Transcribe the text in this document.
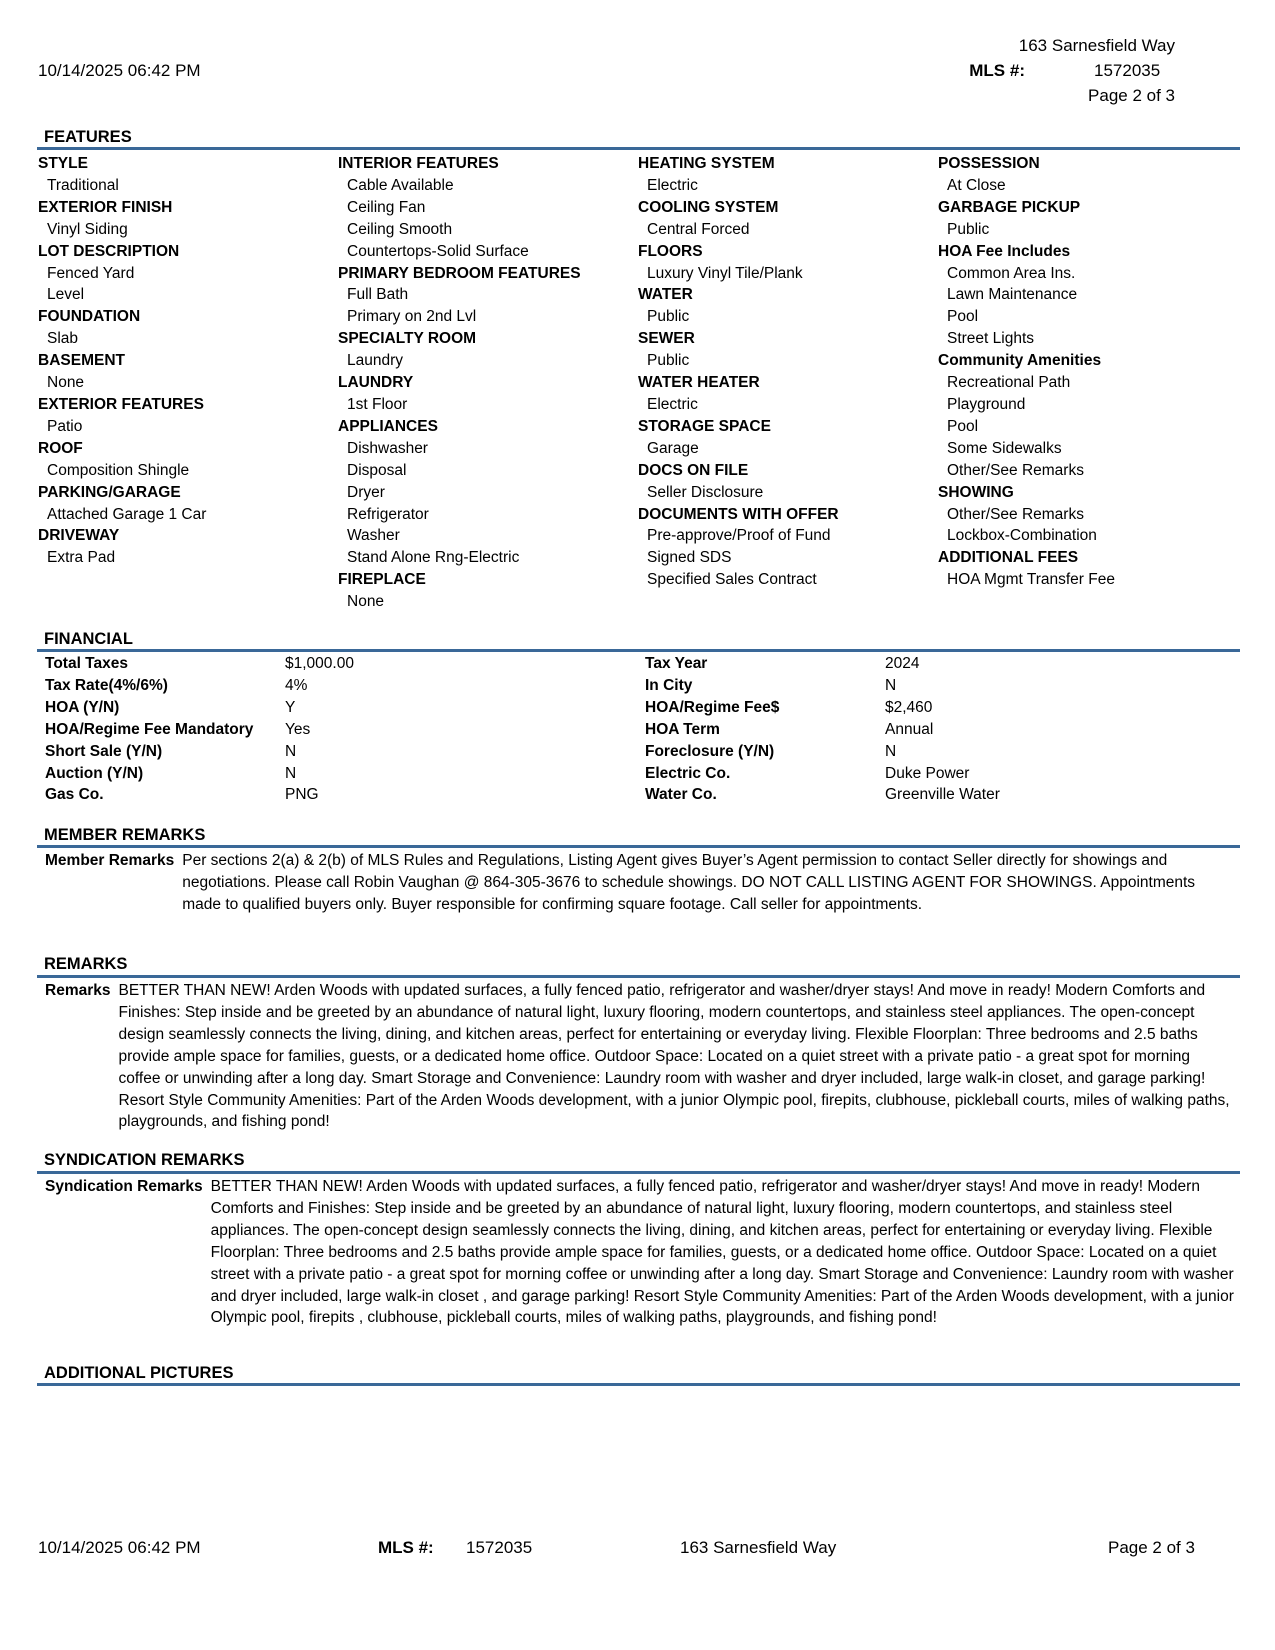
163 Sarnesfield Way
10/14/2025 06:42 PM	MLS #:	1572035
Page 2 of 3
FEATURES
STYLE
Traditional
EXTERIOR FINISH
Vinyl Siding
LOT DESCRIPTION
Fenced Yard
Level
FOUNDATION
Slab
BASEMENT
None
EXTERIOR FEATURES
Patio
ROOF
Composition Shingle
PARKING/GARAGE
Attached Garage 1 Car
DRIVEWAY
Extra Pad
INTERIOR FEATURES
Cable Available
Ceiling Fan
Ceiling Smooth
Countertops-Solid Surface
PRIMARY BEDROOM FEATURES
Full Bath
Primary on 2nd Lvl
SPECIALTY ROOM
Laundry
LAUNDRY
1st Floor
APPLIANCES
Dishwasher
Disposal
Dryer
Refrigerator
Washer
Stand Alone Rng-Electric
FIREPLACE
None
HEATING SYSTEM
Electric
COOLING SYSTEM
Central Forced
FLOORS
Luxury Vinyl Tile/Plank
WATER
Public
SEWER
Public
WATER HEATER
Electric
STORAGE SPACE
Garage
DOCS ON FILE
Seller Disclosure
DOCUMENTS WITH OFFER
Pre-approve/Proof of Fund
Signed SDS
Specified Sales Contract
POSSESSION
At Close
GARBAGE PICKUP
Public
HOA Fee Includes
Common Area Ins.
Lawn Maintenance
Pool
Street Lights
Community Amenities
Recreational Path
Playground
Pool
Some Sidewalks
Other/See Remarks
SHOWING
Other/See Remarks
Lockbox-Combination
ADDITIONAL FEES
HOA Mgmt Transfer Fee
FINANCIAL
Total Taxes	$1,000.00
Tax Rate(4%/6%)	4%
HOA (Y/N)	Y
HOA/Regime Fee Mandatory	Yes
Short Sale (Y/N)	N
Auction (Y/N)	N
Gas Co.	PNG
Tax Year	2024
In City	N
HOA/Regime Fee$	$2,460
HOA Term	Annual
Foreclosure (Y/N)	N
Electric Co.	Duke Power
Water Co.	Greenville Water
MEMBER REMARKS
Member Remarks Per sections 2(a) & 2(b) of MLS Rules and Regulations, Listing Agent gives Buyer’s Agent permission to contact Seller directly for showings and negotiations. Please call Robin Vaughan @ 864-305-3676 to schedule showings. DO NOT CALL LISTING AGENT FOR SHOWINGS. Appointments made to qualified buyers only. Buyer responsible for confirming square footage. Call seller for appointments.
REMARKS
Remarks BETTER THAN NEW! Arden Woods with updated surfaces, a fully fenced patio, refrigerator and washer/dryer stays! And move in ready! Modern Comforts and Finishes: Step inside and be greeted by an abundance of natural light, luxury flooring, modern countertops, and stainless steel appliances. The open-concept design seamlessly connects the living, dining, and kitchen areas, perfect for entertaining or everyday living. Flexible Floorplan: Three bedrooms and 2.5 baths provide ample space for families, guests, or a dedicated home office. Outdoor Space: Located on a quiet street with a private patio - a great spot for morning coffee or unwinding after a long day. Smart Storage and Convenience: Laundry room with washer and dryer included, large walk-in closet, and garage parking! Resort Style Community Amenities: Part of the Arden Woods development, with a junior Olympic pool, firepits, clubhouse, pickleball courts, miles of walking paths, playgrounds, and fishing pond!
SYNDICATION REMARKS
Syndication Remarks BETTER THAN NEW! Arden Woods with updated surfaces, a fully fenced patio, refrigerator and washer/dryer stays! And move in ready! Modern Comforts and Finishes: Step inside and be greeted by an abundance of natural light, luxury flooring, modern countertops, and stainless steel appliances. The open-concept design seamlessly connects the living, dining, and kitchen areas, perfect for entertaining or everyday living. Flexible Floorplan: Three bedrooms and 2.5 baths provide ample space for families, guests, or a dedicated home office. Outdoor Space: Located on a quiet street with a private patio - a great spot for morning coffee or unwinding after a long day. Smart Storage and Convenience: Laundry room with washer and dryer included, large walk-in closet , and garage parking! Resort Style Community Amenities: Part of the Arden Woods development, with a junior Olympic pool, firepits , clubhouse, pickleball courts, miles of walking paths, playgrounds, and fishing pond!
ADDITIONAL PICTURES
10/14/2025 06:42 PM	MLS #: 1572035	163 Sarnesfield Way	Page 2 of 3
